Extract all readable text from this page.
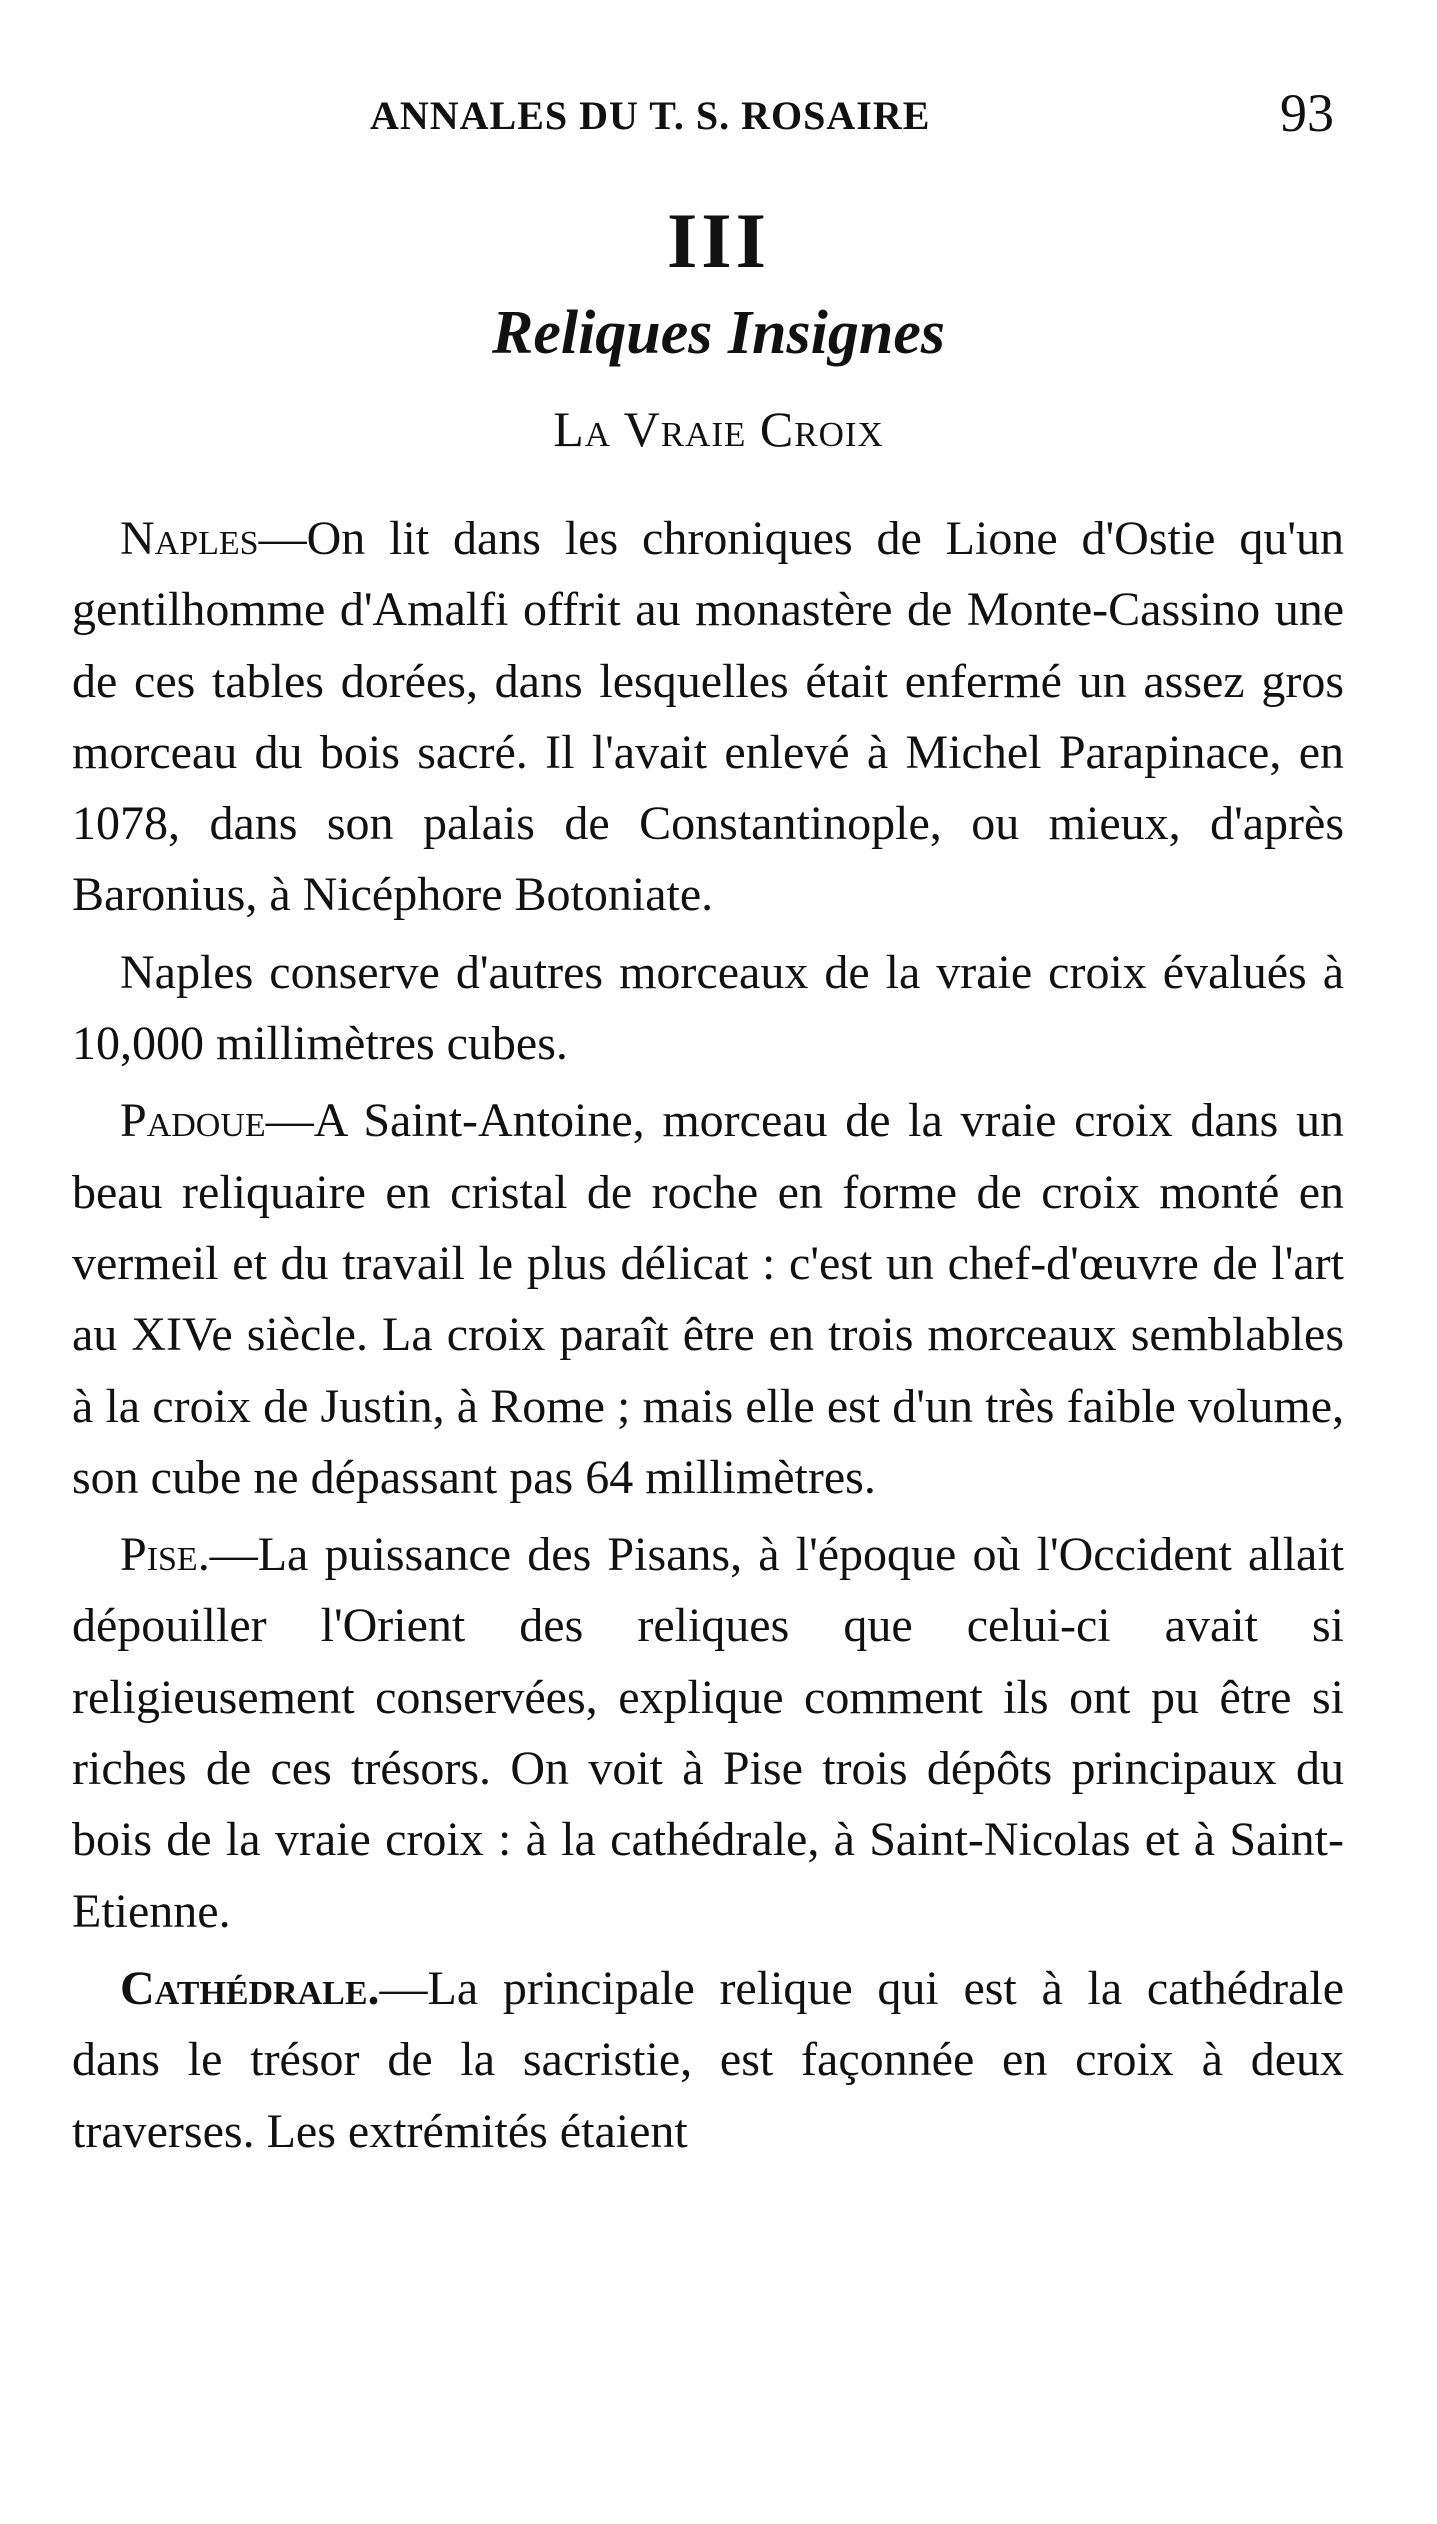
ANNALES DU T. S. ROSAIRE	93
III
Reliques Insignes
La Vraie Croix

Naples—On lit dans les chroniques de Lione d'Ostie qu'un gentilhomme d'Amalfi offrit au monastère de Monte-Cassino une de ces tables dorées, dans lesquelles était enfermé un assez gros morceau du bois sacré. Il l'avait enlevé à Michel Parapinace, en 1078, dans son palais de Constantinople, ou mieux, d'après Baronius, à Nicéphore Botoniate.

Naples conserve d'autres morceaux de la vraie croix évalués à 10,000 millimètres cubes.

Padoue—A Saint-Antoine, morceau de la vraie croix dans un beau reliquaire en cristal de roche en forme de croix monté en vermeil et du travail le plus délicat : c'est un chef-d'œuvre de l'art au XIVe siècle. La croix paraît être en trois morceaux semblables à la croix de Justin, à Rome ; mais elle est d'un très faible volume, son cube ne dépassant pas 64 millimètres.

Pise.—La puissance des Pisans, à l'époque où l'Occident allait dépouiller l'Orient des reliques que celui-ci avait si religieusement conservées, explique comment ils ont pu être si riches de ces trésors. On voit à Pise trois dépôts principaux du bois de la vraie croix : à la cathédrale, à Saint-Nicolas et à Saint-Etienne.

Cathédrale.—La principale relique qui est à la cathédrale dans le trésor de la sacristie, est façonnée en croix à deux traverses. Les extrémités étaient
